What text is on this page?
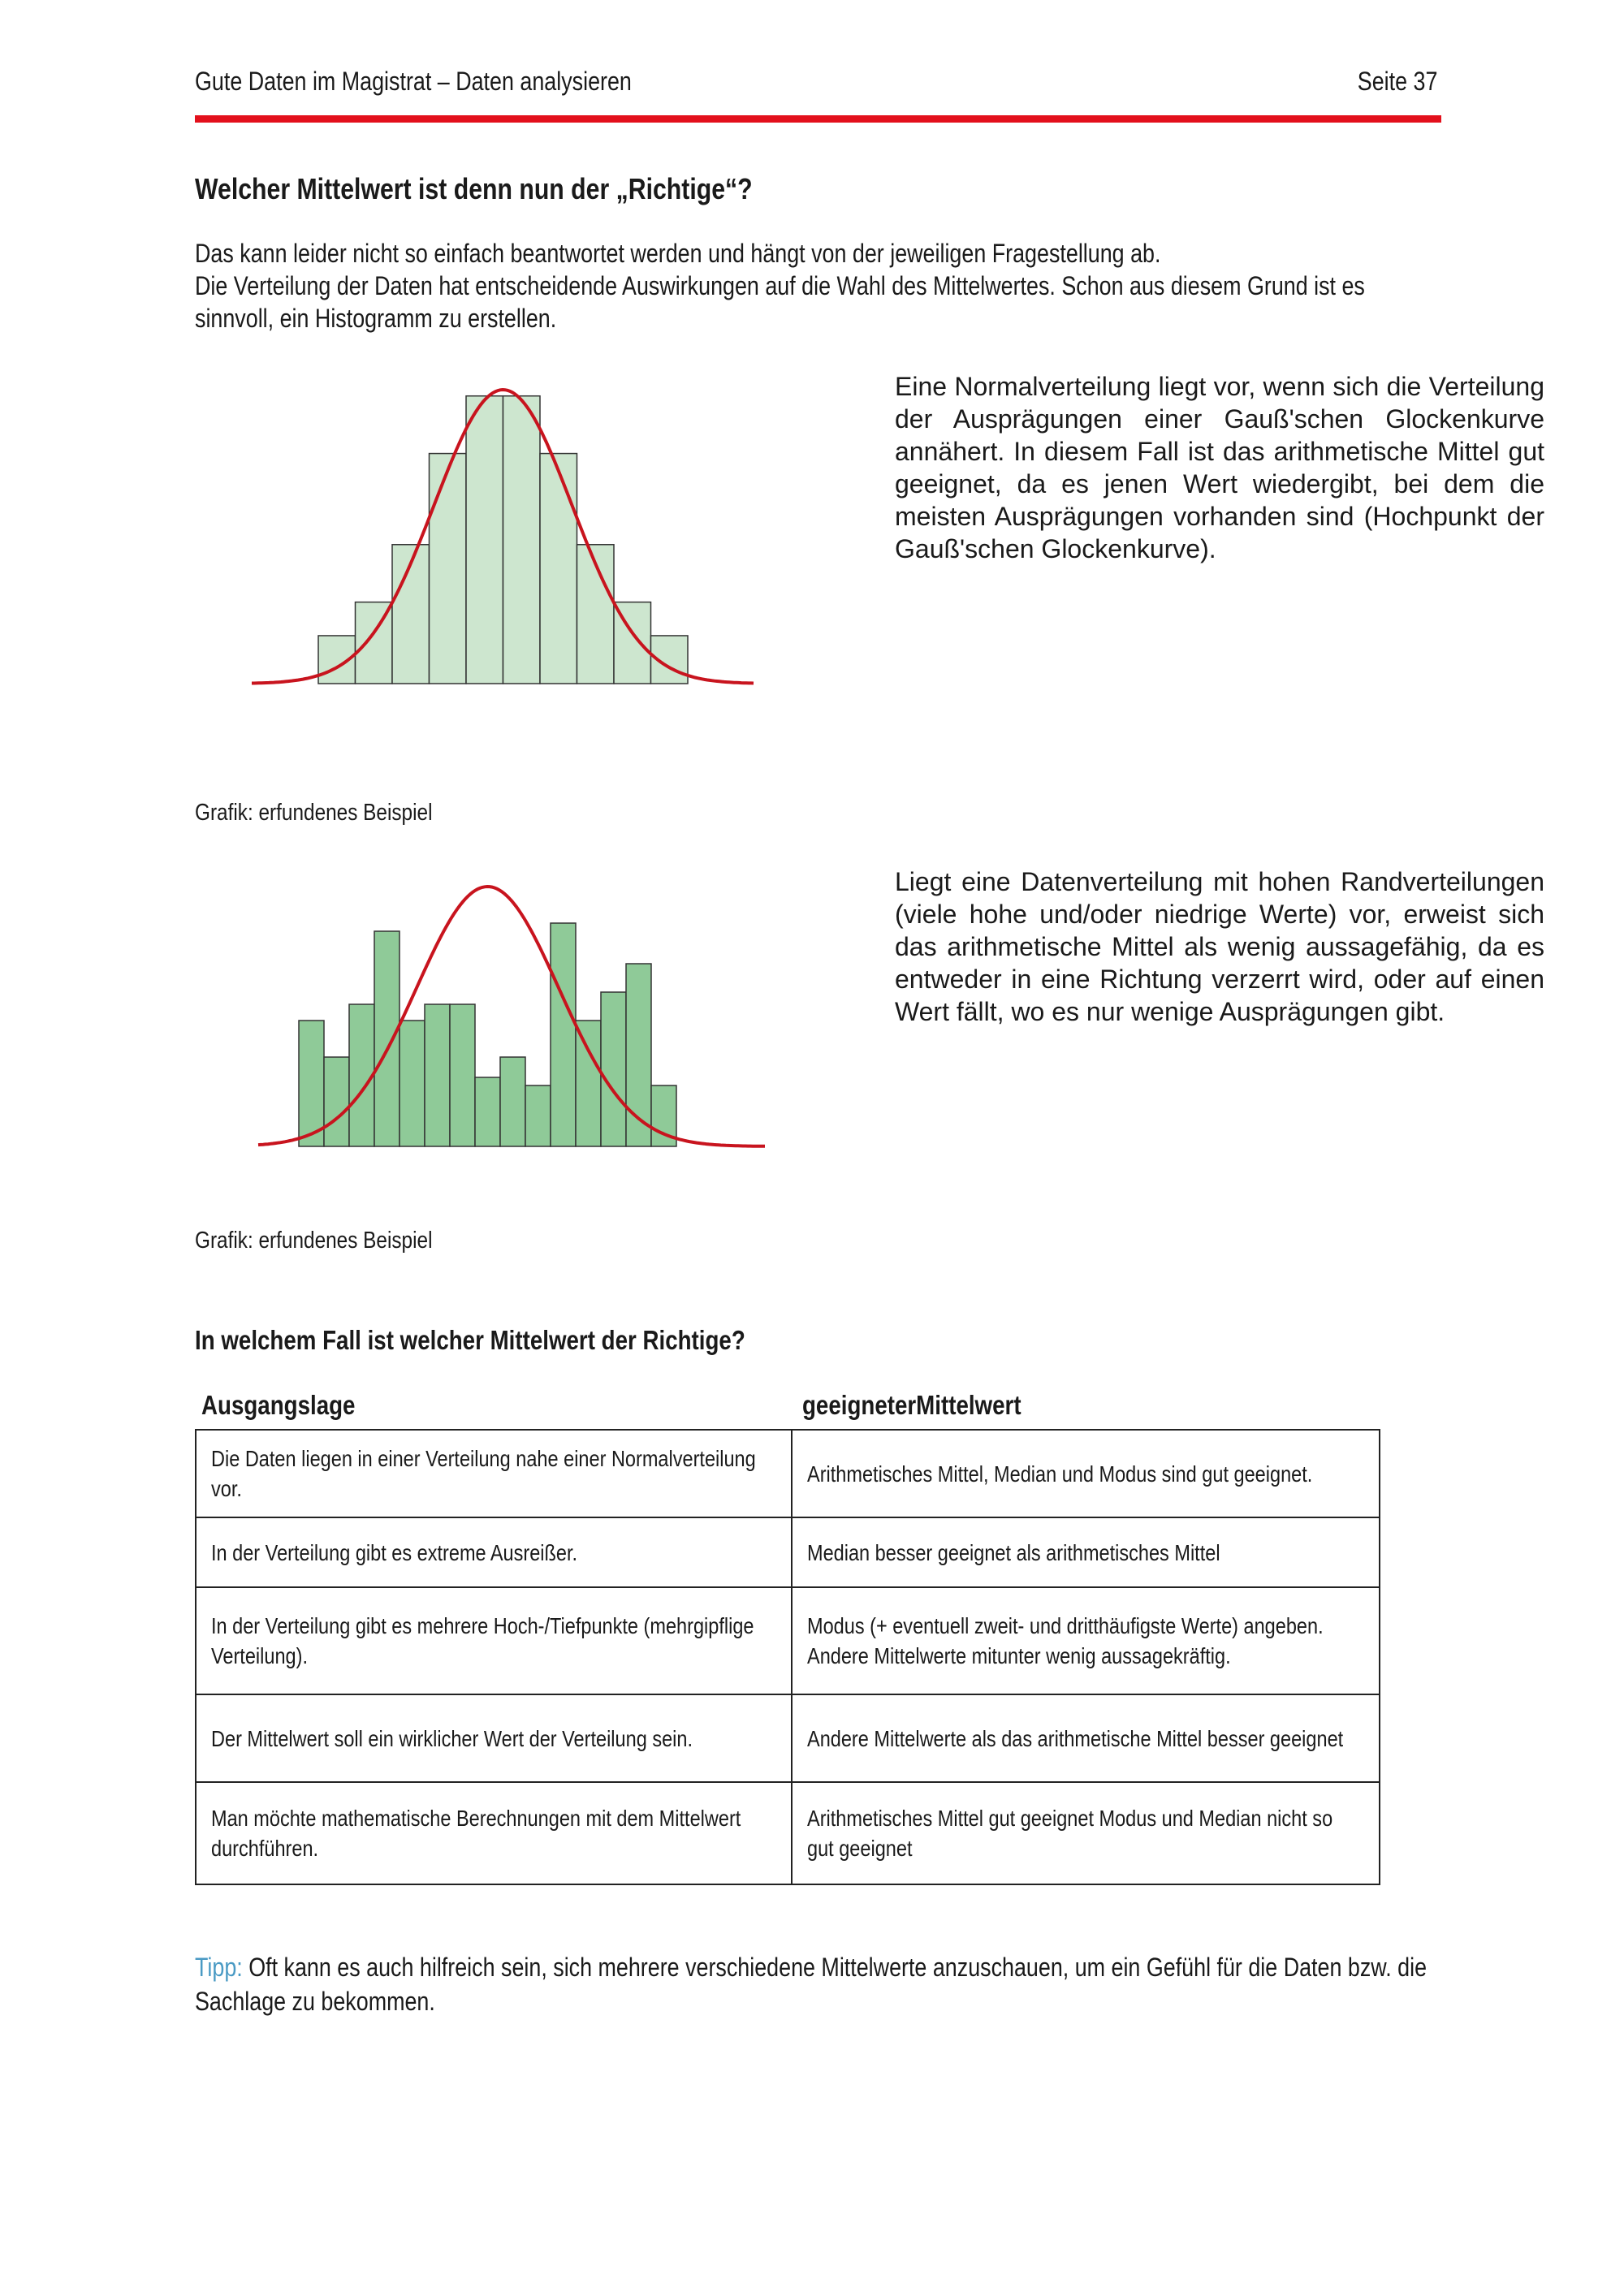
Gute Daten im Magistrat – Daten analysieren	Seite 37
Welcher Mittelwert ist denn nun der „Richtige“?

Das kann leider nicht so einfach beantwortet werden und hängt von der jeweiligen Fragestellung ab.

Die Verteilung der Daten hat entscheidende Auswirkungen auf die Wahl des Mittelwertes. Schon aus diesem Grund ist es sinnvoll, ein Histogramm zu erstellen.

Eine Normalverteilung liegt vor, wenn sich die Verteilung der Ausprägungen einer Gauß'schen Glockenkurve annähert. In diesem Fall ist das arithmetische Mittel gut geeignet, da es jenen Wert wiedergibt, bei dem die meisten Ausprägungen vorhanden sind (Hochpunkt der Gauß'schen Glockenkurve).
Grafik: erfundenes Beispiel
Liegt eine Datenverteilung mit hohen Randverteilungen (viele hohe und/oder niedrige Werte) vor, erweist sich das arithmetische Mittel als wenig aussagefähig, da es entweder in eine Richtung verzerrt wird, oder auf einen Wert fällt, wo es nur wenige Ausprägungen gibt.
Grafik: erfundenes Beispiel
In welchem Fall ist welcher Mittelwert der Richtige?
Ausgangslage	geeigneterMittelwert
Die Daten liegen in einer Verteilung nahe einer Normalverteilung vor.	Arithmetisches Mittel, Median und Modus sind gut geeignet.

In der Verteilung gibt es extreme Ausreißer.	Median besser geeignet als arithmetisches Mittel

In der Verteilung gibt es mehrere Hoch-/Tiefpunkte (mehrgipflige Verteilung).	Modus (+ eventuell zweit- und dritthäufigste Werte) angeben. Andere Mittelwerte mitunter wenig aussagekräftig.

Der Mittelwert soll ein wirklicher Wert der Verteilung sein.	Andere Mittelwerte als das arithmetische Mittel besser geeignet

Man möchte mathematische Berechnungen mit dem Mittelwert durchführen.	Arithmetisches Mittel gut geeignet Modus und Median nicht so gut geeignet
Tipp: Oft kann es auch hilfreich sein, sich mehrere verschiedene Mittelwerte anzuschauen, um ein Gefühl für die Daten bzw. die Sachlage zu bekommen.
